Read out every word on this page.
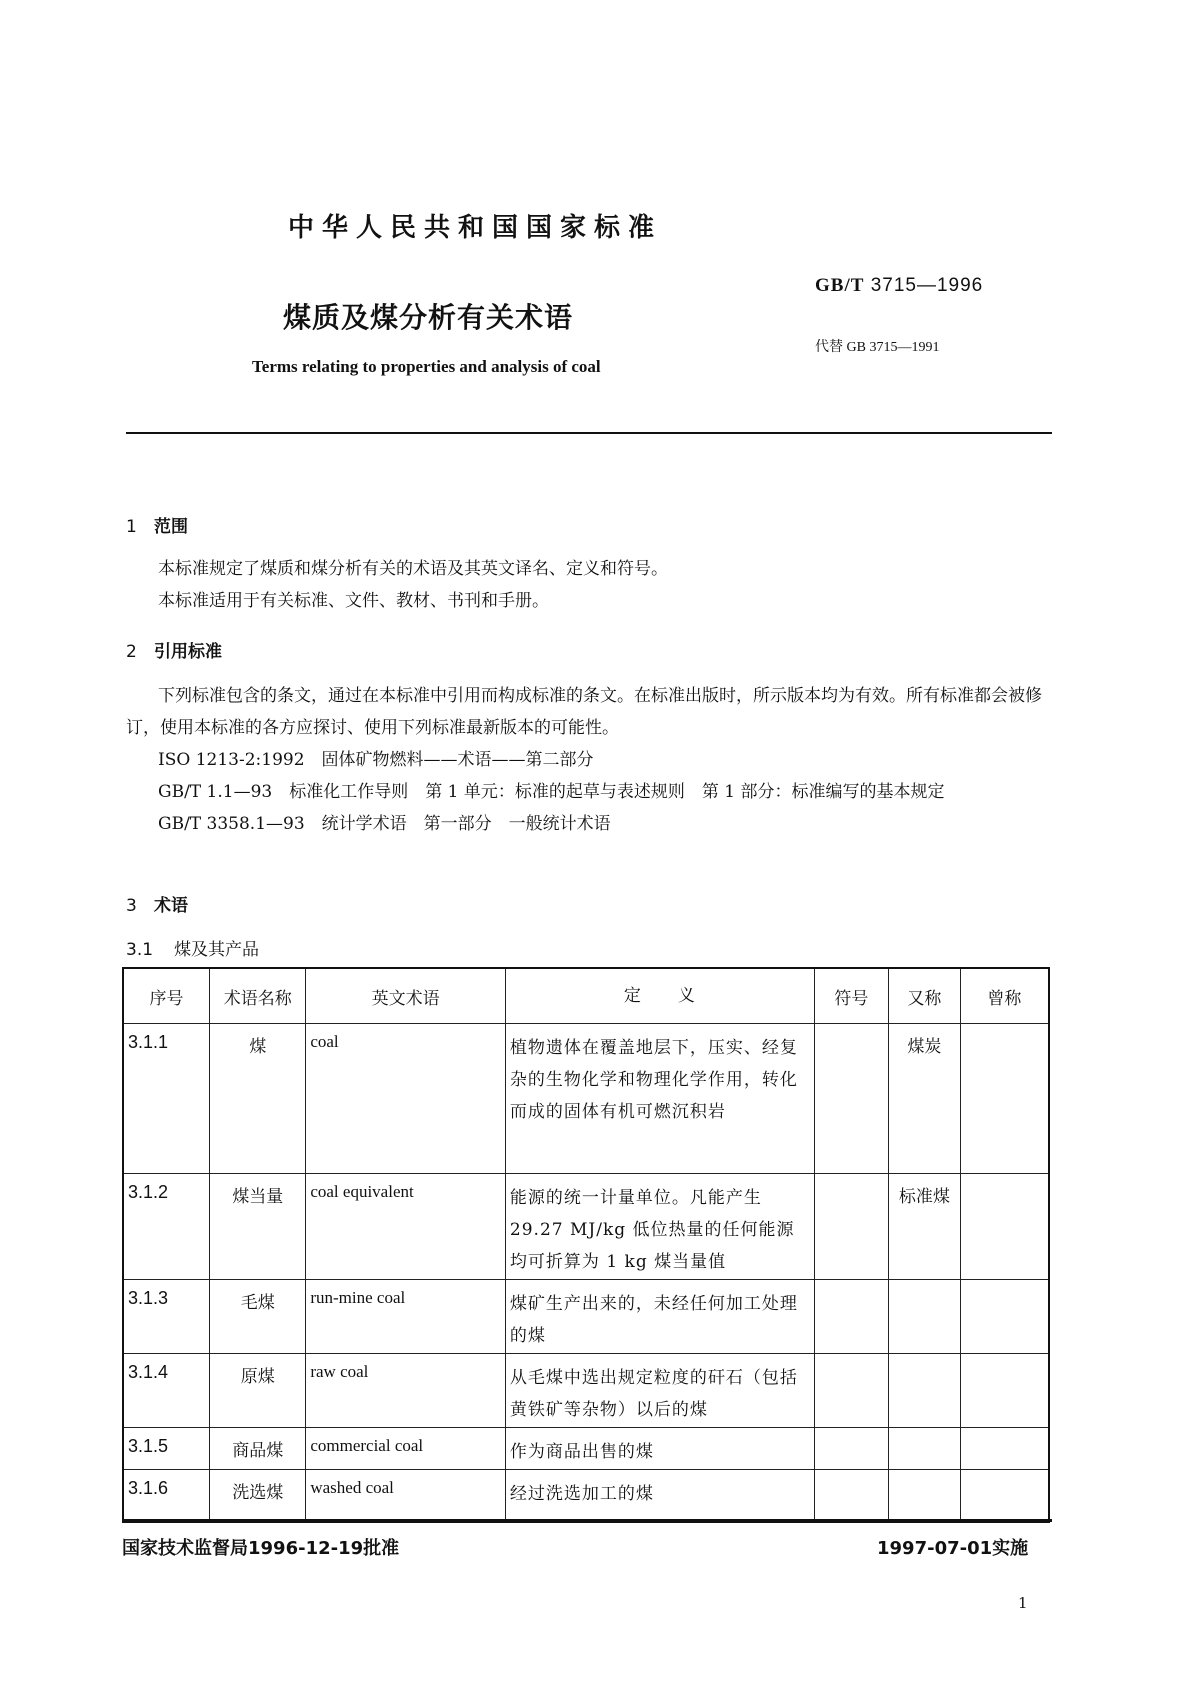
中华人民共和国国家标准
GB/T 3715—1996
煤质及煤分析有关术语
代替 GB 3715—1991
Terms relating to properties and analysis of coal
1 范围
本标准规定了煤质和煤分析有关的术语及其英文译名、定义和符号。
本标准适用于有关标准、文件、教材、书刊和手册。
2 引用标准
下列标准包含的条文，通过在本标准中引用而构成标准的条文。在标准出版时，所示版本均为有效。所有标准都会被修订，使用本标准的各方应探讨、使用下列标准最新版本的可能性。
ISO 1213-2:1992　固体矿物燃料——术语——第二部分
GB/T 1.1—93　标准化工作导则　第 1 单元：标准的起草与表述规则　第 1 部分：标准编写的基本规定
GB/T 3358.1—93　统计学术语　第一部分　一般统计术语
3 术语
3.1 煤及其产品
序号	术语名称	英文术语	定　　义	符号	又称	曾称
3.1.1	煤	coal	植物遗体在覆盖地层下，压实、经复杂的生物化学和物理化学作用，转化而成的固体有机可燃沉积岩		煤炭	
3.1.2	煤当量	coal equivalent	能源的统一计量单位。凡能产生 29.27 MJ/kg 低位热量的任何能源均可折算为 1 kg 煤当量值		标准煤	
3.1.3	毛煤	run-mine coal	煤矿生产出来的，未经任何加工处理的煤			
3.1.4	原煤	raw coal	从毛煤中选出规定粒度的矸石（包括黄铁矿等杂物）以后的煤			
3.1.5	商品煤	commercial coal	作为商品出售的煤			
3.1.6	洗选煤	washed coal	经过洗选加工的煤			
国家技术监督局1996-12-19批准	1997-07-01实施
1
